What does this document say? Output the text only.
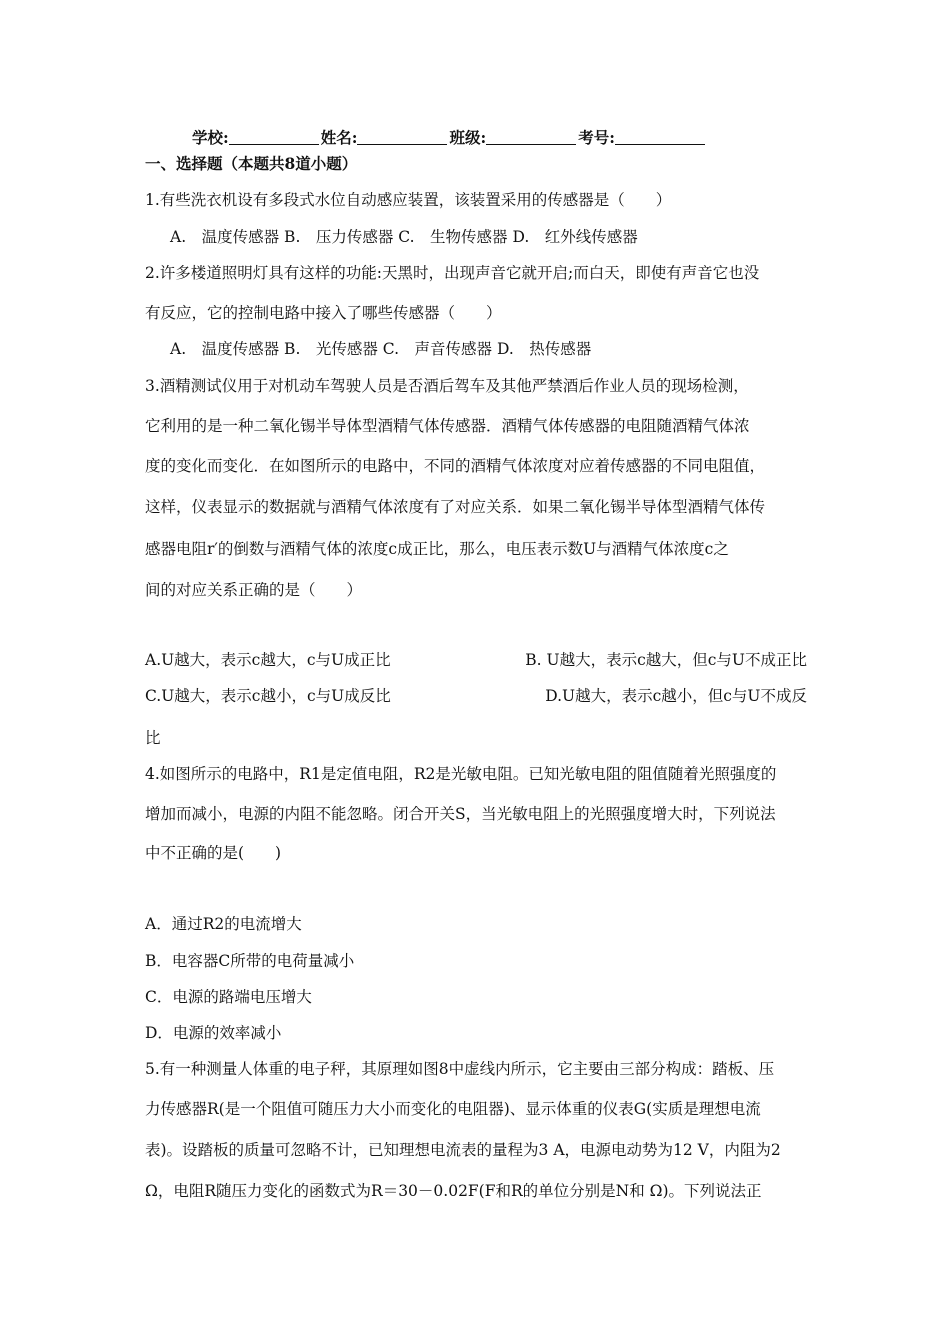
学校:	姓名:	班级:	考号:
一、选择题（本题共8道小题）
1.有些洗衣机设有多段式水位自动感应装置，该装置采用的传感器是（　　）
A.　温度传感器 B.　压力传感器 C.　生物传感器 D.　红外线传感器
2.许多楼道照明灯具有这样的功能:天黑时，出现声音它就开启;而白天，即使有声音它也没
有反应，它的控制电路中接入了哪些传感器（　　）
A.　温度传感器 B.　光传感器 C.　声音传感器 D.　热传感器
3.酒精测试仪用于对机动车驾驶人员是否酒后驾车及其他严禁酒后作业人员的现场检测，
它利用的是一种二氧化锡半导体型酒精气体传感器．酒精气体传感器的电阻随酒精气体浓
度的变化而变化．在如图所示的电路中，不同的酒精气体浓度对应着传感器的不同电阻值，
这样，仪表显示的数据就与酒精气体浓度有了对应关系．如果二氧化锡半导体型酒精气体传
感器电阻r′的倒数与酒精气体的浓度c成正比，那么，电压表示数U与酒精气体浓度c之
间的对应关系正确的是（　　）
A.U越大，表示c越大，c与U成正比	B. U越大，表示c越大，但c与U不成正比
C.U越大，表示c越小，c与U成反比	D.U越大，表示c越小，但c与U不成反
比
4.如图所示的电路中，R1是定值电阻，R2是光敏电阻。已知光敏电阻的阻值随着光照强度的
增加而减小，电源的内阻不能忽略。闭合开关S，当光敏电阻上的光照强度增大时，下列说法
中不正确的是(　　)
A．通过R2的电流增大
B．电容器C所带的电荷量减小
C．电源的路端电压增大
D．电源的效率减小
5.有一种测量人体重的电子秤，其原理如图8中虚线内所示，它主要由三部分构成：踏板、压
力传感器R(是一个阻值可随压力大小而变化的电阻器)、显示体重的仪表G(实质是理想电流
表)。设踏板的质量可忽略不计，已知理想电流表的量程为3 A，电源电动势为12 V，内阻为2
Ω，电阻R随压力变化的函数式为R＝30－0.02F(F和R的单位分别是N和 Ω)。下列说法正
